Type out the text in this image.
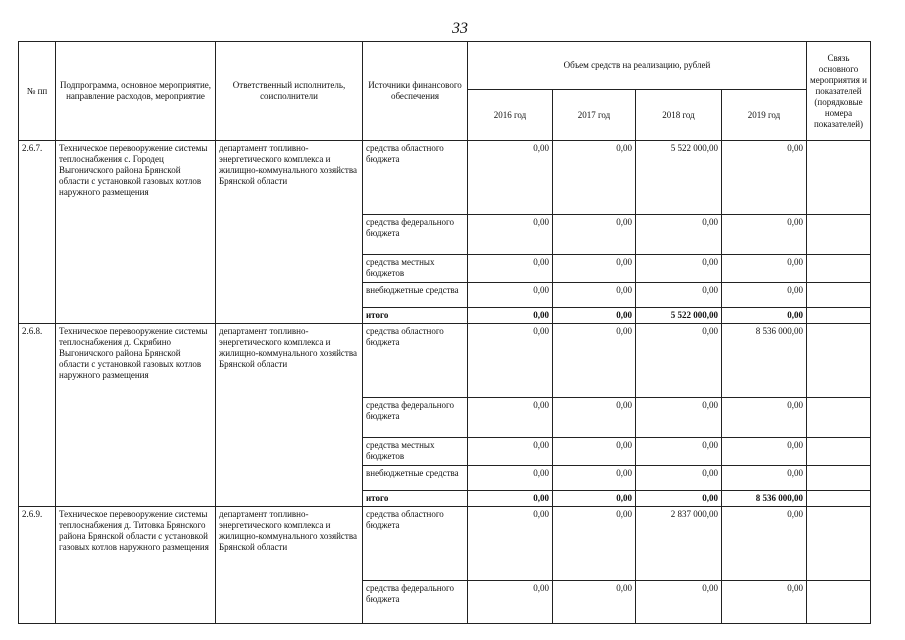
33
№ пп	Подпрограмма, основное мероприятие, направление расходов, мероприятие	Ответственный исполнитель, соисполнители	Источники финансового обеспечения	Объем средств на реализацию, рублей				Связь основного мероприятия и показателей (порядковые номера показателей)
				2016 год	2017 год	2018 год	2019 год	
2.6.7.	Техническое перевооружение системы теплоснабжения с. Городец Выгоничского района Брянской области с установкой газовых котлов наружного размещения	департамент топливно-энергетического комплекса и жилищно-коммунального хозяйства Брянской области	средства областного бюджета	0,00	0,00	5 522 000,00	0,00	
			средства федерального бюджета	0,00	0,00	0,00	0,00	
			средства местных бюджетов	0,00	0,00	0,00	0,00	
			внебюджетные средства	0,00	0,00	0,00	0,00	
			итого	0,00	0,00	5 522 000,00	0,00	
2.6.8.	Техническое перевооружение системы теплоснабжения д. Скрябино Выгоничского района Брянской области с установкой газовых котлов наружного размещения	департамент топливно-энергетического комплекса и жилищно-коммунального хозяйства Брянской области	средства областного бюджета	0,00	0,00	0,00	8 536 000,00	
			средства федерального бюджета	0,00	0,00	0,00	0,00	
			средства местных бюджетов	0,00	0,00	0,00	0,00	
			внебюджетные средства	0,00	0,00	0,00	0,00	
			итого	0,00	0,00	0,00	8 536 000,00	
2.6.9.	Техническое перевооружение системы теплоснабжения д. Титовка Брянского района Брянской области с установкой газовых котлов наружного размещения	департамент топливно-энергетического комплекса и жилищно-коммунального хозяйства Брянской области	средства областного бюджета	0,00	0,00	2 837 000,00	0,00	
			средства федерального бюджета	0,00	0,00	0,00	0,00	
